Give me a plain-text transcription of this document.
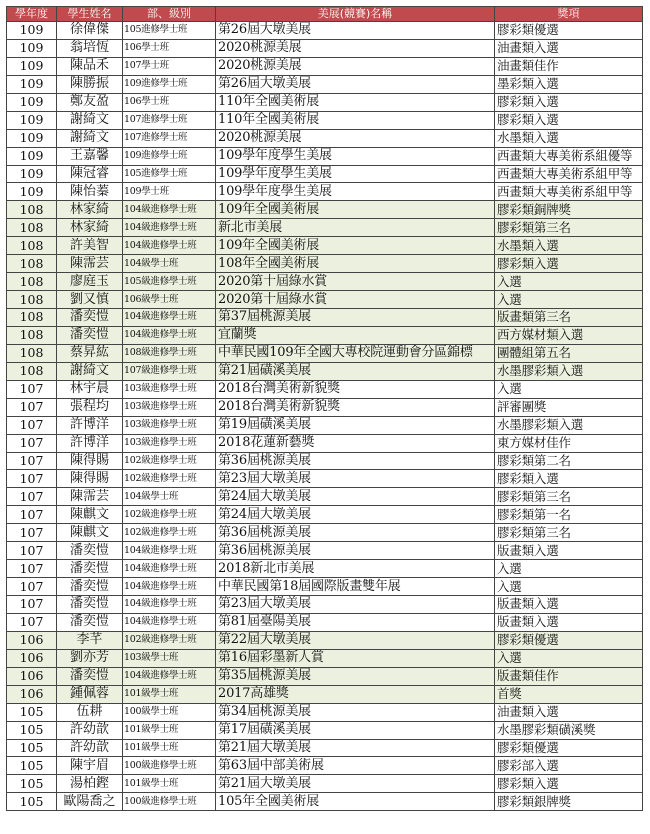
學年度	學生姓名	部、級別	美展(競賽)名稱	獎項
109	徐偉傑	105進修學士班	第26屆大墩美展	膠彩類優選
109	翁培恆	106學士班	2020桃源美展	油畫類入選
109	陳品禾	107學士班	2020桃源美展	油畫類佳作
109	陳勝振	109進修學士班	第26屆大墩美展	墨彩類入選
109	鄭友盈	106學士班	110年全國美術展	膠彩類入選
109	謝綺文	107進修學士班	110年全國美術展	膠彩類入選
109	謝綺文	107進修學士班	2020桃源美展	水墨類入選
109	王嘉馨	109進修學士班	109學年度學生美展	西畫類大專美術系組優等
109	陳冠睿	105進修學士班	109學年度學生美展	西畫類大專美術系組甲等
109	陳怡蓁	109學士班	109學年度學生美展	西畫類大專美術系組甲等
108	林家綺	104級進修學士班	109年全國美術展	膠彩類銅牌獎
108	林家綺	104級進修學士班	新北市美展	膠彩類第三名
108	許美智	104級進修學士班	109年全國美術展	水墨類入選
108	陳霈芸	104級學士班	108年全國美術展	膠彩類入選
108	廖庭玉	105級進修學士班	2020第十屆綠水賞	入選
108	劉又慎	106級學士班	2020第十屆綠水賞	入選
108	潘奕愷	104級進修學士班	第37屆桃源美展	版畫類第三名
108	潘奕愷	104級進修學士班	宜蘭獎	西方媒材類入選
108	蔡昇紘	108級進修學士班	中華民國109年全國大專校院運動會分區錦標	團體組第五名
108	謝綺文	107級進修學士班	第21屆磺溪美展	水墨膠彩類入選
107	林宇晨	103級進修學士班	2018台灣美術新貌獎	入選
107	張程均	103級進修學士班	2018台灣美術新貌獎	評審團獎
107	許博洋	103級進修學士班	第19屆磺溪美展	水墨膠彩類入選
107	許博洋	103級進修學士班	2018花蓮新藝獎	東方媒材佳作
107	陳得賜	102級進修學士班	第36屆桃源美展	膠彩類第二名
107	陳得賜	102級進修學士班	第23屆大墩美展	膠彩類入選
107	陳霈芸	104級學士班	第24屆大墩美展	膠彩類第三名
107	陳麒文	102級進修學士班	第24屆大墩美展	膠彩類第一名
107	陳麒文	102級進修學士班	第36屆桃源美展	膠彩類第三名
107	潘奕愷	104級進修學士班	第36屆桃源美展	版畫類入選
107	潘奕愷	104級進修學士班	2018新北市美展	入選
107	潘奕愷	104級進修學士班	中華民國第18屆國際版畫雙年展	入選
107	潘奕愷	104級進修學士班	第23屆大墩美展	版畫類入選
107	潘奕愷	104級進修學士班	第81屆臺陽美展	版畫類入選
106	李芊	102級進修學士班	第22屆大墩美展	膠彩類優選
106	劉亦芳	103級學士班	第16屆彩墨新人賞	入選
106	潘奕愷	104級進修學士班	第35屆桃源美展	版畫類佳作
106	鍾佩蓉	101級學士班	2017高雄獎	首獎
105	伍耕	100級學士班	第34屆桃源美展	油畫類入選
105	許幼歆	101級學士班	第17屆磺溪美展	水墨膠彩類磺溪獎
105	許幼歆	101級學士班	第21屆大墩美展	膠彩類優選
105	陳宇眉	100級進修學士班	第63屆中部美術展	膠彩部入選
105	湯柏鏗	101級學士班	第21屆大墩美展	膠彩類入選
105	歐陽喬之	100級進修學士班	105年全國美術展	膠彩類銀牌獎
